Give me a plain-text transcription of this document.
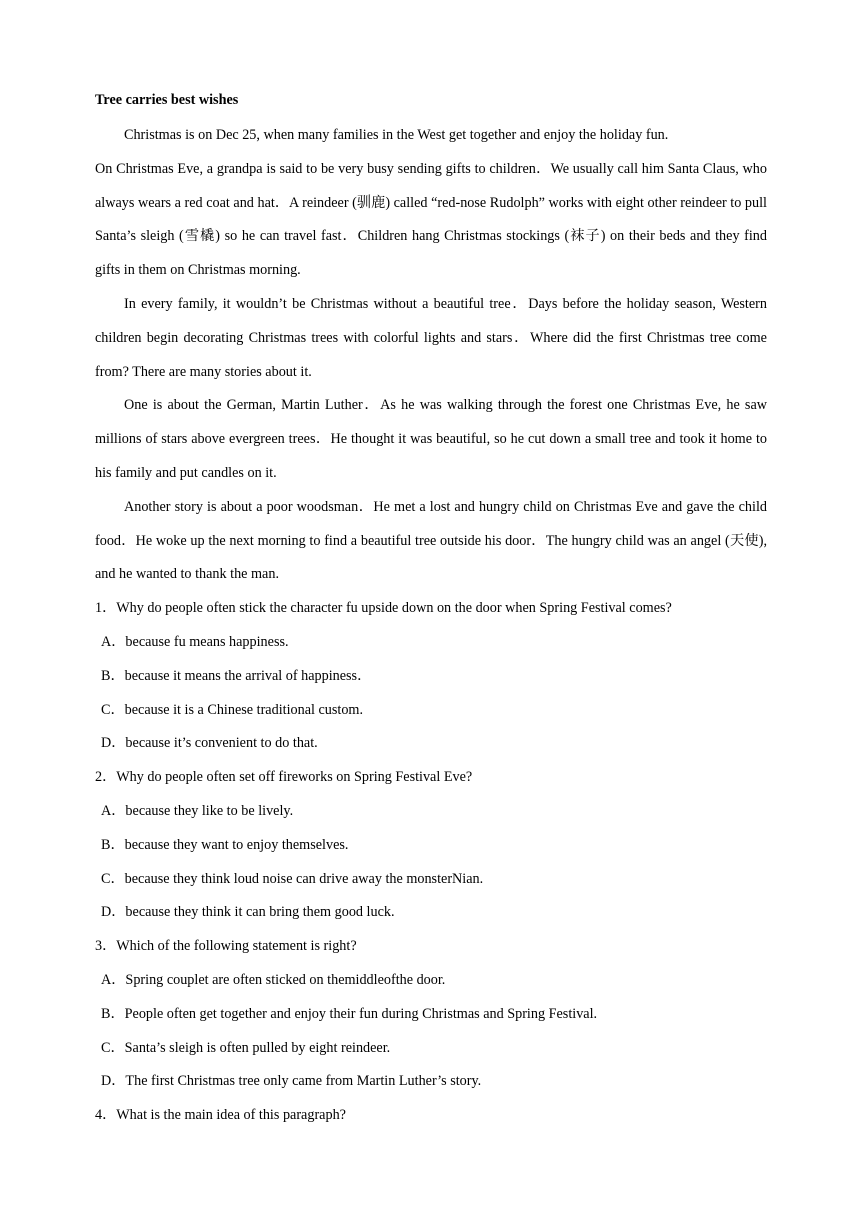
Tree carries best wishes

Christmas is on Dec 25, when many families in the West get together and enjoy the holiday fun.

On Christmas Eve, a grandpa is said to be very busy sending gifts to children．We usually call him Santa Claus, who always wears a red coat and hat．A reindeer (驯鹿) called “red-nose Rudolph” works with eight other reindeer to pull Santa’s sleigh (雪橇) so he can travel fast．Children hang Christmas stockings (袜子) on their beds and they find gifts in them on Christmas morning.

In every family, it wouldn’t be Christmas without a beautiful tree．Days before the holiday season, Western children begin decorating Christmas trees with colorful lights and stars．Where did the first Christmas tree come from? There are many stories about it.

One is about the German, Martin Luther．As he was walking through the forest one Christmas Eve, he saw millions of stars above evergreen trees．He thought it was beautiful, so he cut down a small tree and took it home to his family and put candles on it.

Another story is about a poor woodsman．He met a lost and hungry child on Christmas Eve and gave the child food．He woke up the next morning to find a beautiful tree outside his door．The hungry child was an angel (天使), and he wanted to thank the man.

1．Why do people often stick the character fu upside down on the door when Spring Festival comes?
A．because fu means happiness.
B．because it means the arrival of happiness．
C．because it is a Chinese traditional custom.
D．because it’s convenient to do that.
2．Why do people often set off fireworks on Spring Festival Eve?
A．because they like to be lively.
B．because they want to enjoy themselves.
C．because they think loud noise can drive away the monsterNian.
D．because they think it can bring them good luck.
3．Which of the following statement is right?
A．Spring couplet are often sticked on themiddleofthe door.
B．People often get together and enjoy their fun during Christmas and Spring Festival.
C．Santa’s sleigh is often pulled by eight reindeer.
D．The first Christmas tree only came from Martin Luther’s story.
4．What is the main idea of this paragraph?
